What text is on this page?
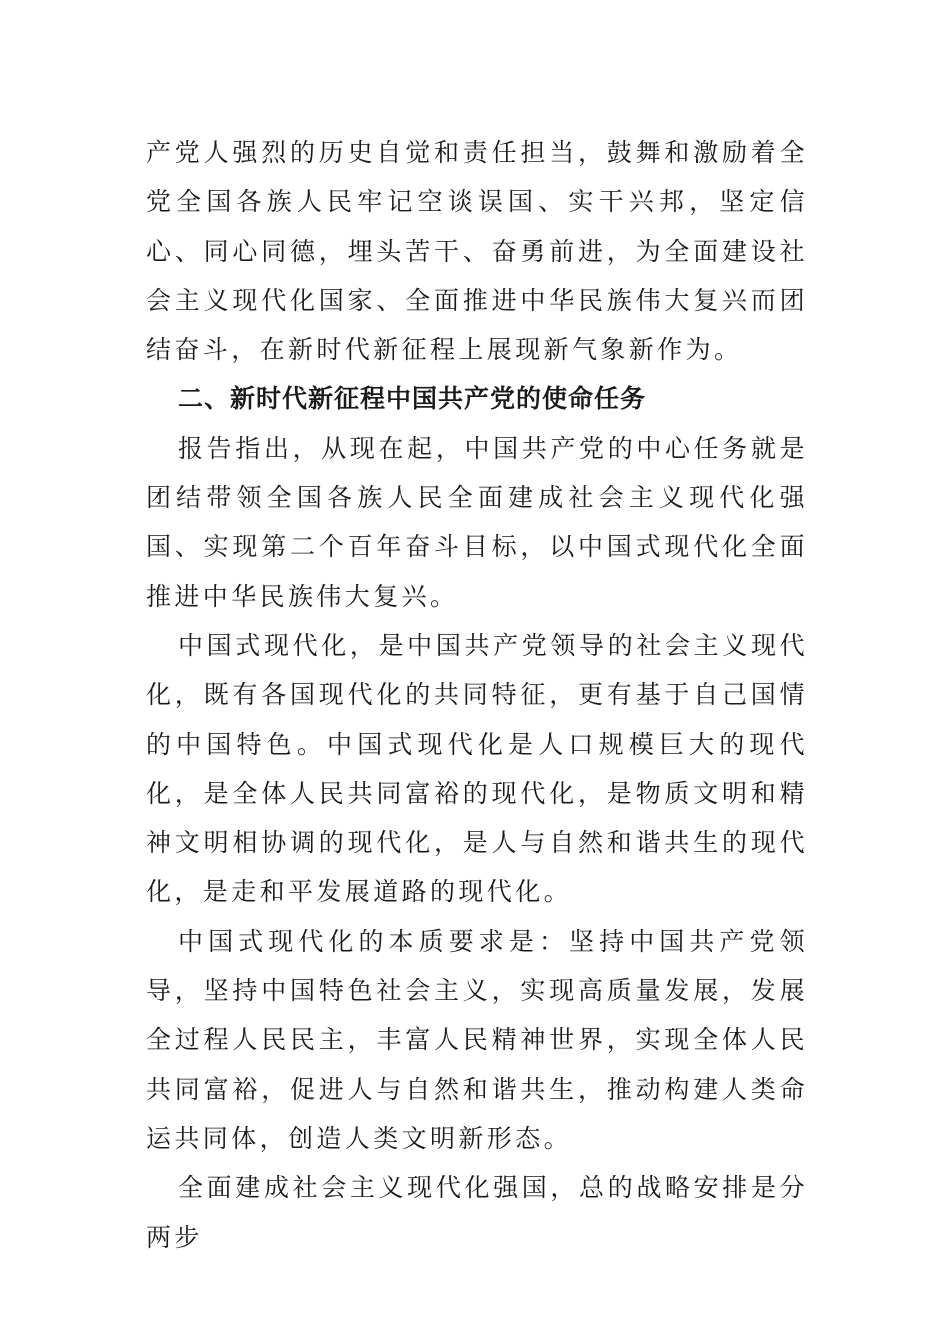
产党人强烈的历史自觉和责任担当，鼓舞和激励着全党全国各族人民牢记空谈误国、实干兴邦，坚定信心、同心同德，埋头苦干、奋勇前进，为全面建设社会主义现代化国家、全面推进中华民族伟大复兴而团结奋斗，在新时代新征程上展现新气象新作为。

二、新时代新征程中国共产党的使命任务

报告指出，从现在起，中国共产党的中心任务就是团结带领全国各族人民全面建成社会主义现代化强国、实现第二个百年奋斗目标，以中国式现代化全面推进中华民族伟大复兴。

中国式现代化，是中国共产党领导的社会主义现代化，既有各国现代化的共同特征，更有基于自己国情的中国特色。中国式现代化是人口规模巨大的现代化，是全体人民共同富裕的现代化，是物质文明和精神文明相协调的现代化，是人与自然和谐共生的现代化，是走和平发展道路的现代化。

中国式现代化的本质要求是：坚持中国共产党领导，坚持中国特色社会主义，实现高质量发展，发展全过程人民民主，丰富人民精神世界，实现全体人民共同富裕，促进人与自然和谐共生，推动构建人类命运共同体，创造人类文明新形态。

全面建成社会主义现代化强国，总的战略安排是分两步
